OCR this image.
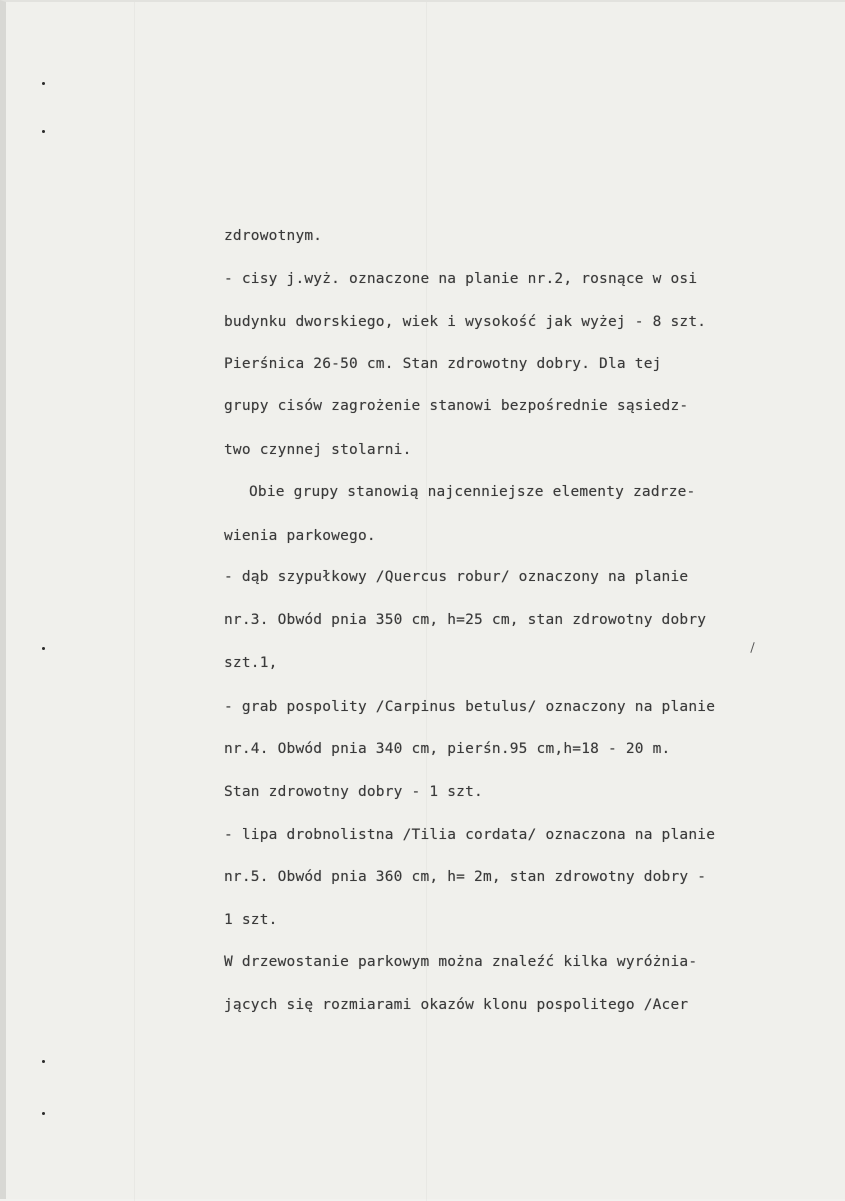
zdrowotnym.
- cisy j.wyż. oznaczone na planie nr.2, rosnące w osi
budynku dworskiego, wiek i wysokość jak wyżej - 8 szt.
Pierśnica 26-50 cm. Stan zdrowotny dobry. Dla tej
grupy cisów zagrożenie stanowi bezpośrednie sąsiedz-
two czynnej stolarni.
Obie grupy stanowią najcenniejsze elementy zadrze-
wienia parkowego.
- dąb szypułkowy /Quercus robur/ oznaczony na planie
nr.3. Obwód pnia 350 cm, h=25 cm, stan zdrowotny dobry
szt.1,
- grab pospolity /Carpinus betulus/ oznaczony na planie
nr.4. Obwód pnia 340 cm, pierśn.95 cm,h=18 - 20 m.
Stan zdrowotny dobry - 1 szt.
- lipa drobnolistna /Tilia cordata/ oznaczona na planie
nr.5. Obwód pnia 360 cm, h= 2m, stan zdrowotny dobry -
1 szt.
W drzewostanie parkowym można znaleźć kilka wyróżnia-
jących się rozmiarami okazów klonu pospolitego /Acer
